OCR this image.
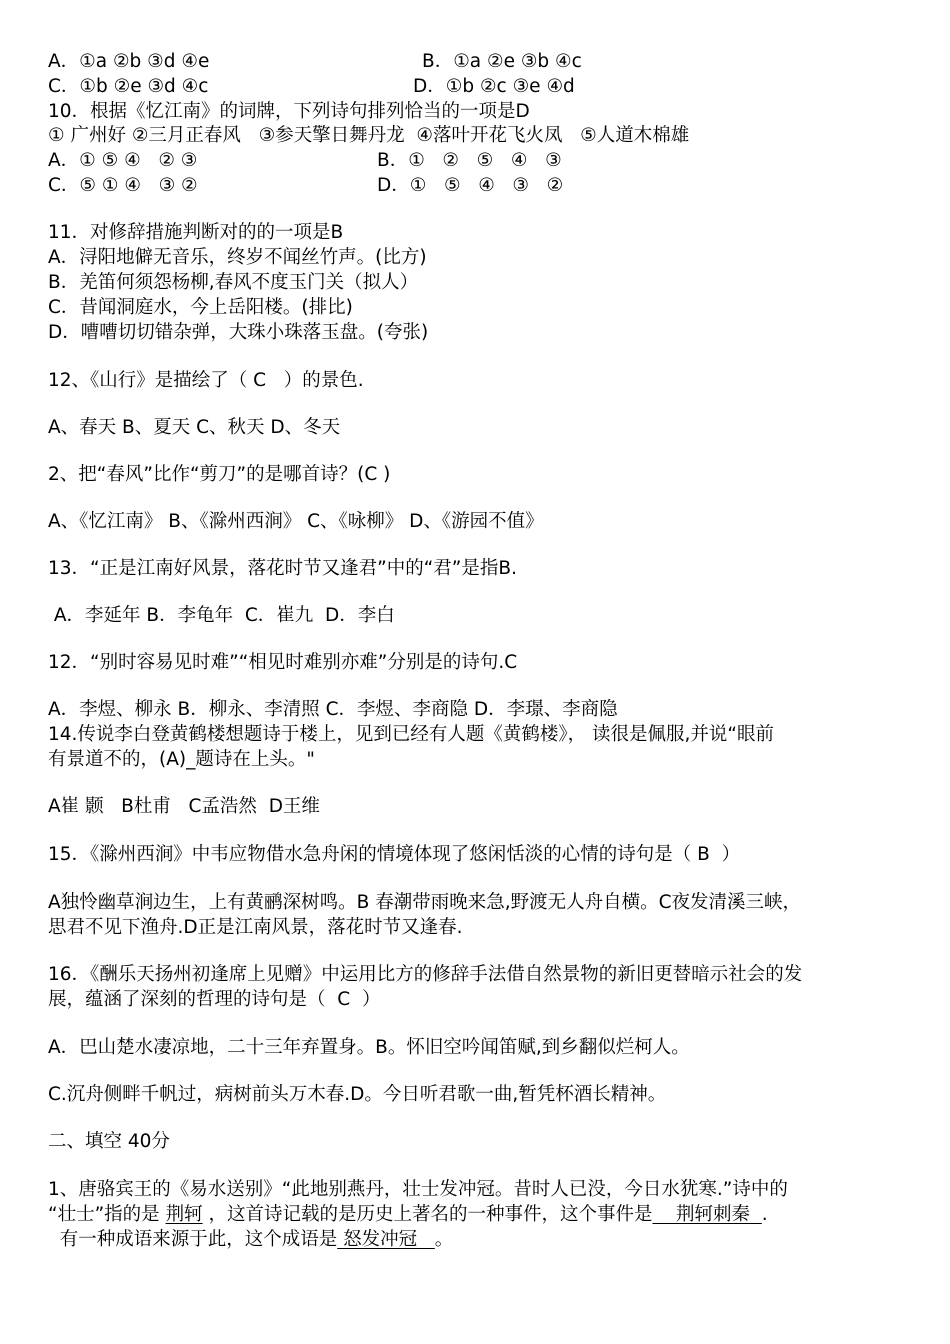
A．①a ②b ③d ④e	B．①a ②e ③b ④c
C．①b ②e ③d ④c	D．①b ②c ③e ④d
10．根据《忆江南》的词牌，下列诗句排列恰当的一项是D
① 广州好 ②三月正春风   ③参天擎日舞丹龙  ④落叶开花飞火凤   ⑤人道木棉雄
A．① ⑤ ④   ② ③	B．①   ②   ⑤   ④   ③
C．⑤ ① ④   ③ ②	D．①   ⑤   ④   ③   ②
11．对修辞措施判断对的的一项是B
A．浔阳地僻无音乐，终岁不闻丝竹声。(比方)
B．羌笛何须怨杨柳,春风不度玉门关（拟人）
C．昔闻洞庭水，今上岳阳楼。(排比)
D．嘈嘈切切错杂弹，大珠小珠落玉盘。(夸张)
12、《山行》是描绘了（ C   ）的景色.
A、春天 B、夏天 C、秋天 D、冬天
2、把“春风”比作“剪刀”的是哪首诗？(C )
A、《忆江南》 B、《滁州西涧》 C、《咏柳》 D、《游园不值》
13．“正是江南好风景，落花时节又逢君”中的“君”是指B.
A．李延年 B．李龟年  C．崔九  D．李白
12．“别时容易见时难”“相见时难别亦难”分别是的诗句.C
A．李煜、柳永 B．柳永、李清照 C．李煜、李商隐 D．李璟、李商隐
14.传说李白登黄鹤楼想题诗于楼上，见到已经有人题《黄鹤楼》， 读很是佩服,并说“眼前
有景道不的，(A)_题诗在上头。"
A崔 颢   B杜甫   C孟浩然  D王维
15．《滁州西涧》中韦应物借水急舟闲的情境体现了悠闲恬淡的心情的诗句是（ B  ）
A独怜幽草涧边生，上有黄鹂深树鸣。B 春潮带雨晚来急,野渡无人舟自横。C夜发清溪三峡，
思君不见下渔舟.D正是江南风景，落花时节又逢春.
16．《酬乐天扬州初逢席上见赠》中运用比方的修辞手法借自然景物的新旧更替暗示社会的发
展，蕴涵了深刻的哲理的诗句是（  C  ）
A．巴山楚水凄凉地，二十三年弃置身。B。怀旧空吟闻笛赋,到乡翻似烂柯人。
C.沉舟侧畔千帆过，病树前头万木春.D。今日听君歌一曲,暂凭杯酒长精神。
二、填空 40分
1、唐骆宾王的《易水送别》“此地别燕丹，壮士发冲冠。昔时人已没，今日水犹寒.”诗中的
“壮士”指的是 荆轲 ，这首诗记载的是历史上著名的一种事件，这个事件是    荆轲刺秦  .
有一种成语来源于此，这个成语是 怒发冲冠   。
